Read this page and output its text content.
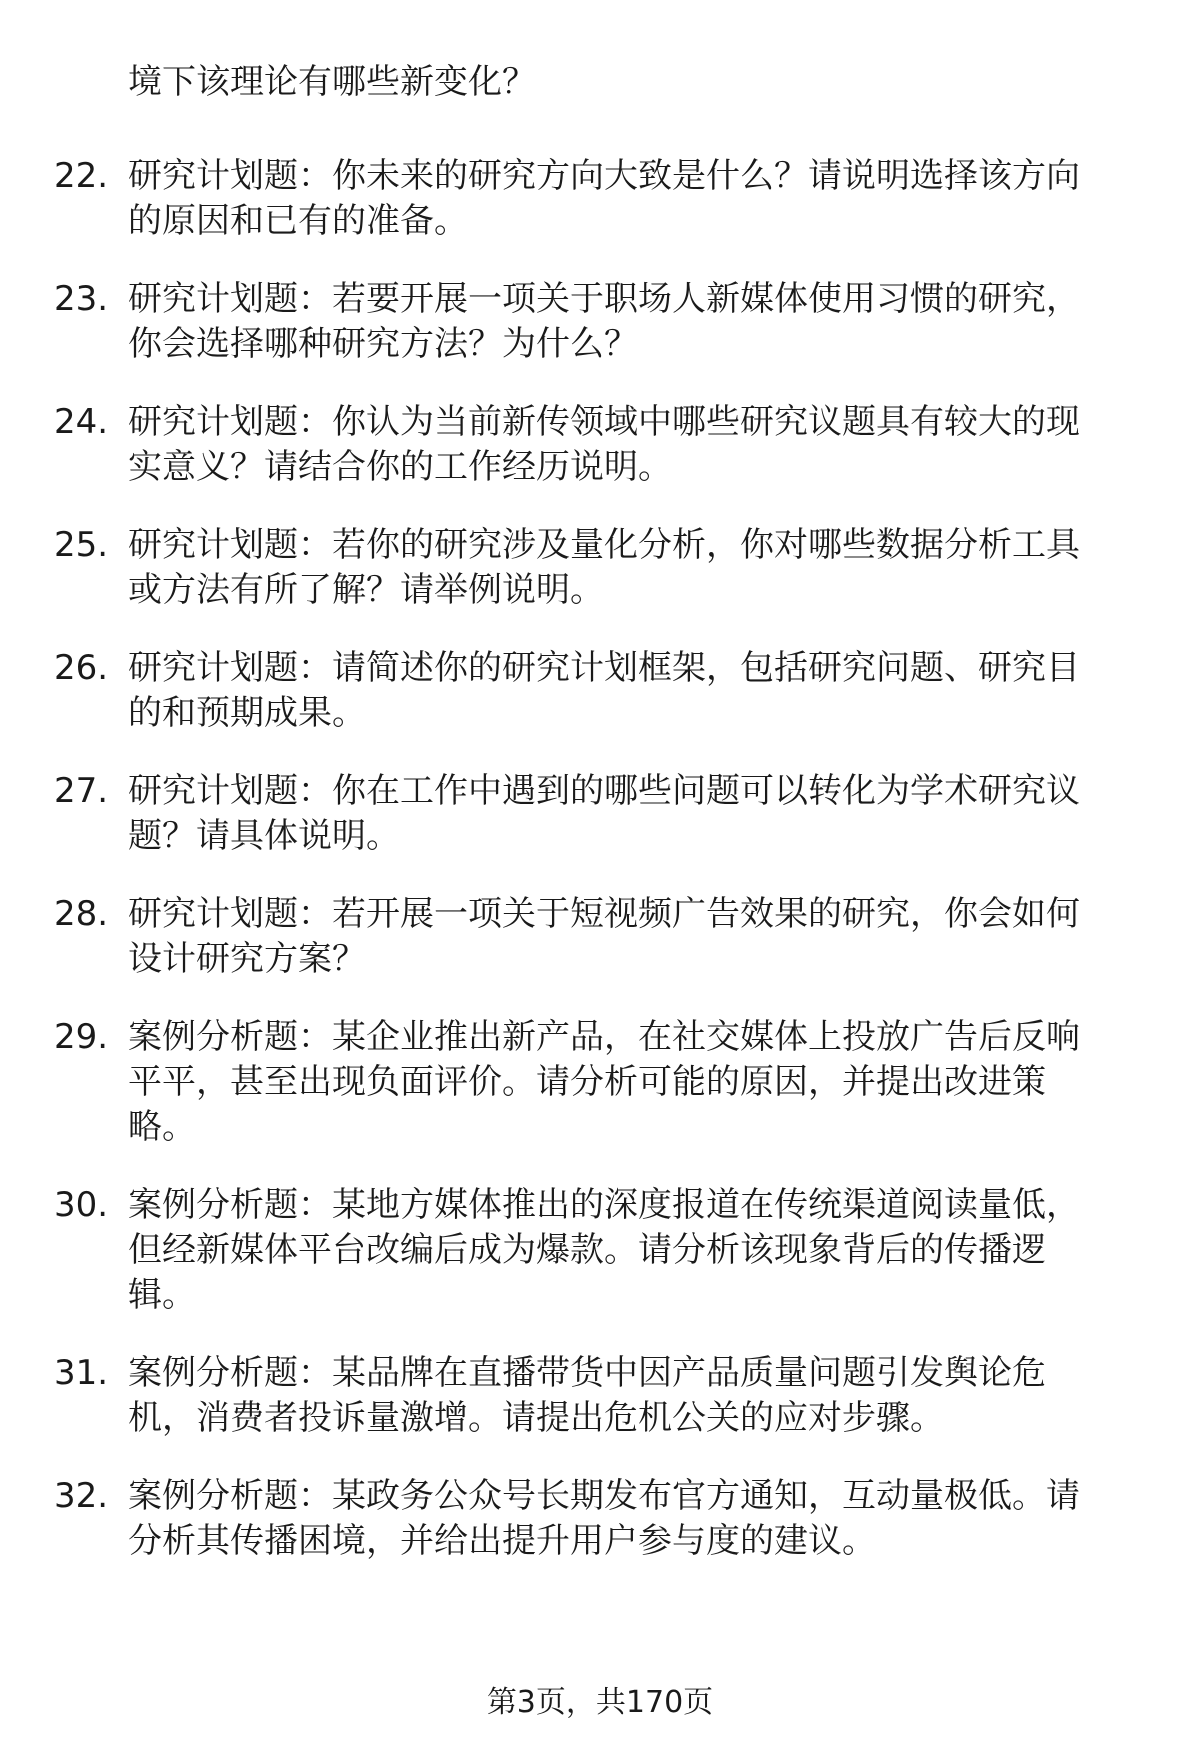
境下该理论有哪些新变化？
22. 研究计划题：你未来的研究方向大致是什么？请说明选择该方向
的原因和已有的准备。
23. 研究计划题：若要开展一项关于职场人新媒体使用习惯的研究，
你会选择哪种研究方法？为什么？
24. 研究计划题：你认为当前新传领域中哪些研究议题具有较大的现
实意义？请结合你的工作经历说明。
25. 研究计划题：若你的研究涉及量化分析，你对哪些数据分析工具
或方法有所了解？请举例说明。
26. 研究计划题：请简述你的研究计划框架，包括研究问题、研究目
的和预期成果。
27. 研究计划题：你在工作中遇到的哪些问题可以转化为学术研究议
题？请具体说明。
28. 研究计划题：若开展一项关于短视频广告效果的研究，你会如何
设计研究方案？
29. 案例分析题：某企业推出新产品，在社交媒体上投放广告后反响
平平，甚至出现负面评价。请分析可能的原因，并提出改进策
略。
30. 案例分析题：某地方媒体推出的深度报道在传统渠道阅读量低，
但经新媒体平台改编后成为爆款。请分析该现象背后的传播逻
辑。
31. 案例分析题：某品牌在直播带货中因产品质量问题引发舆论危
机，消费者投诉量激增。请提出危机公关的应对步骤。
32. 案例分析题：某政务公众号长期发布官方通知，互动量极低。请
分析其传播困境，并给出提升用户参与度的建议。
第3页，共170页
